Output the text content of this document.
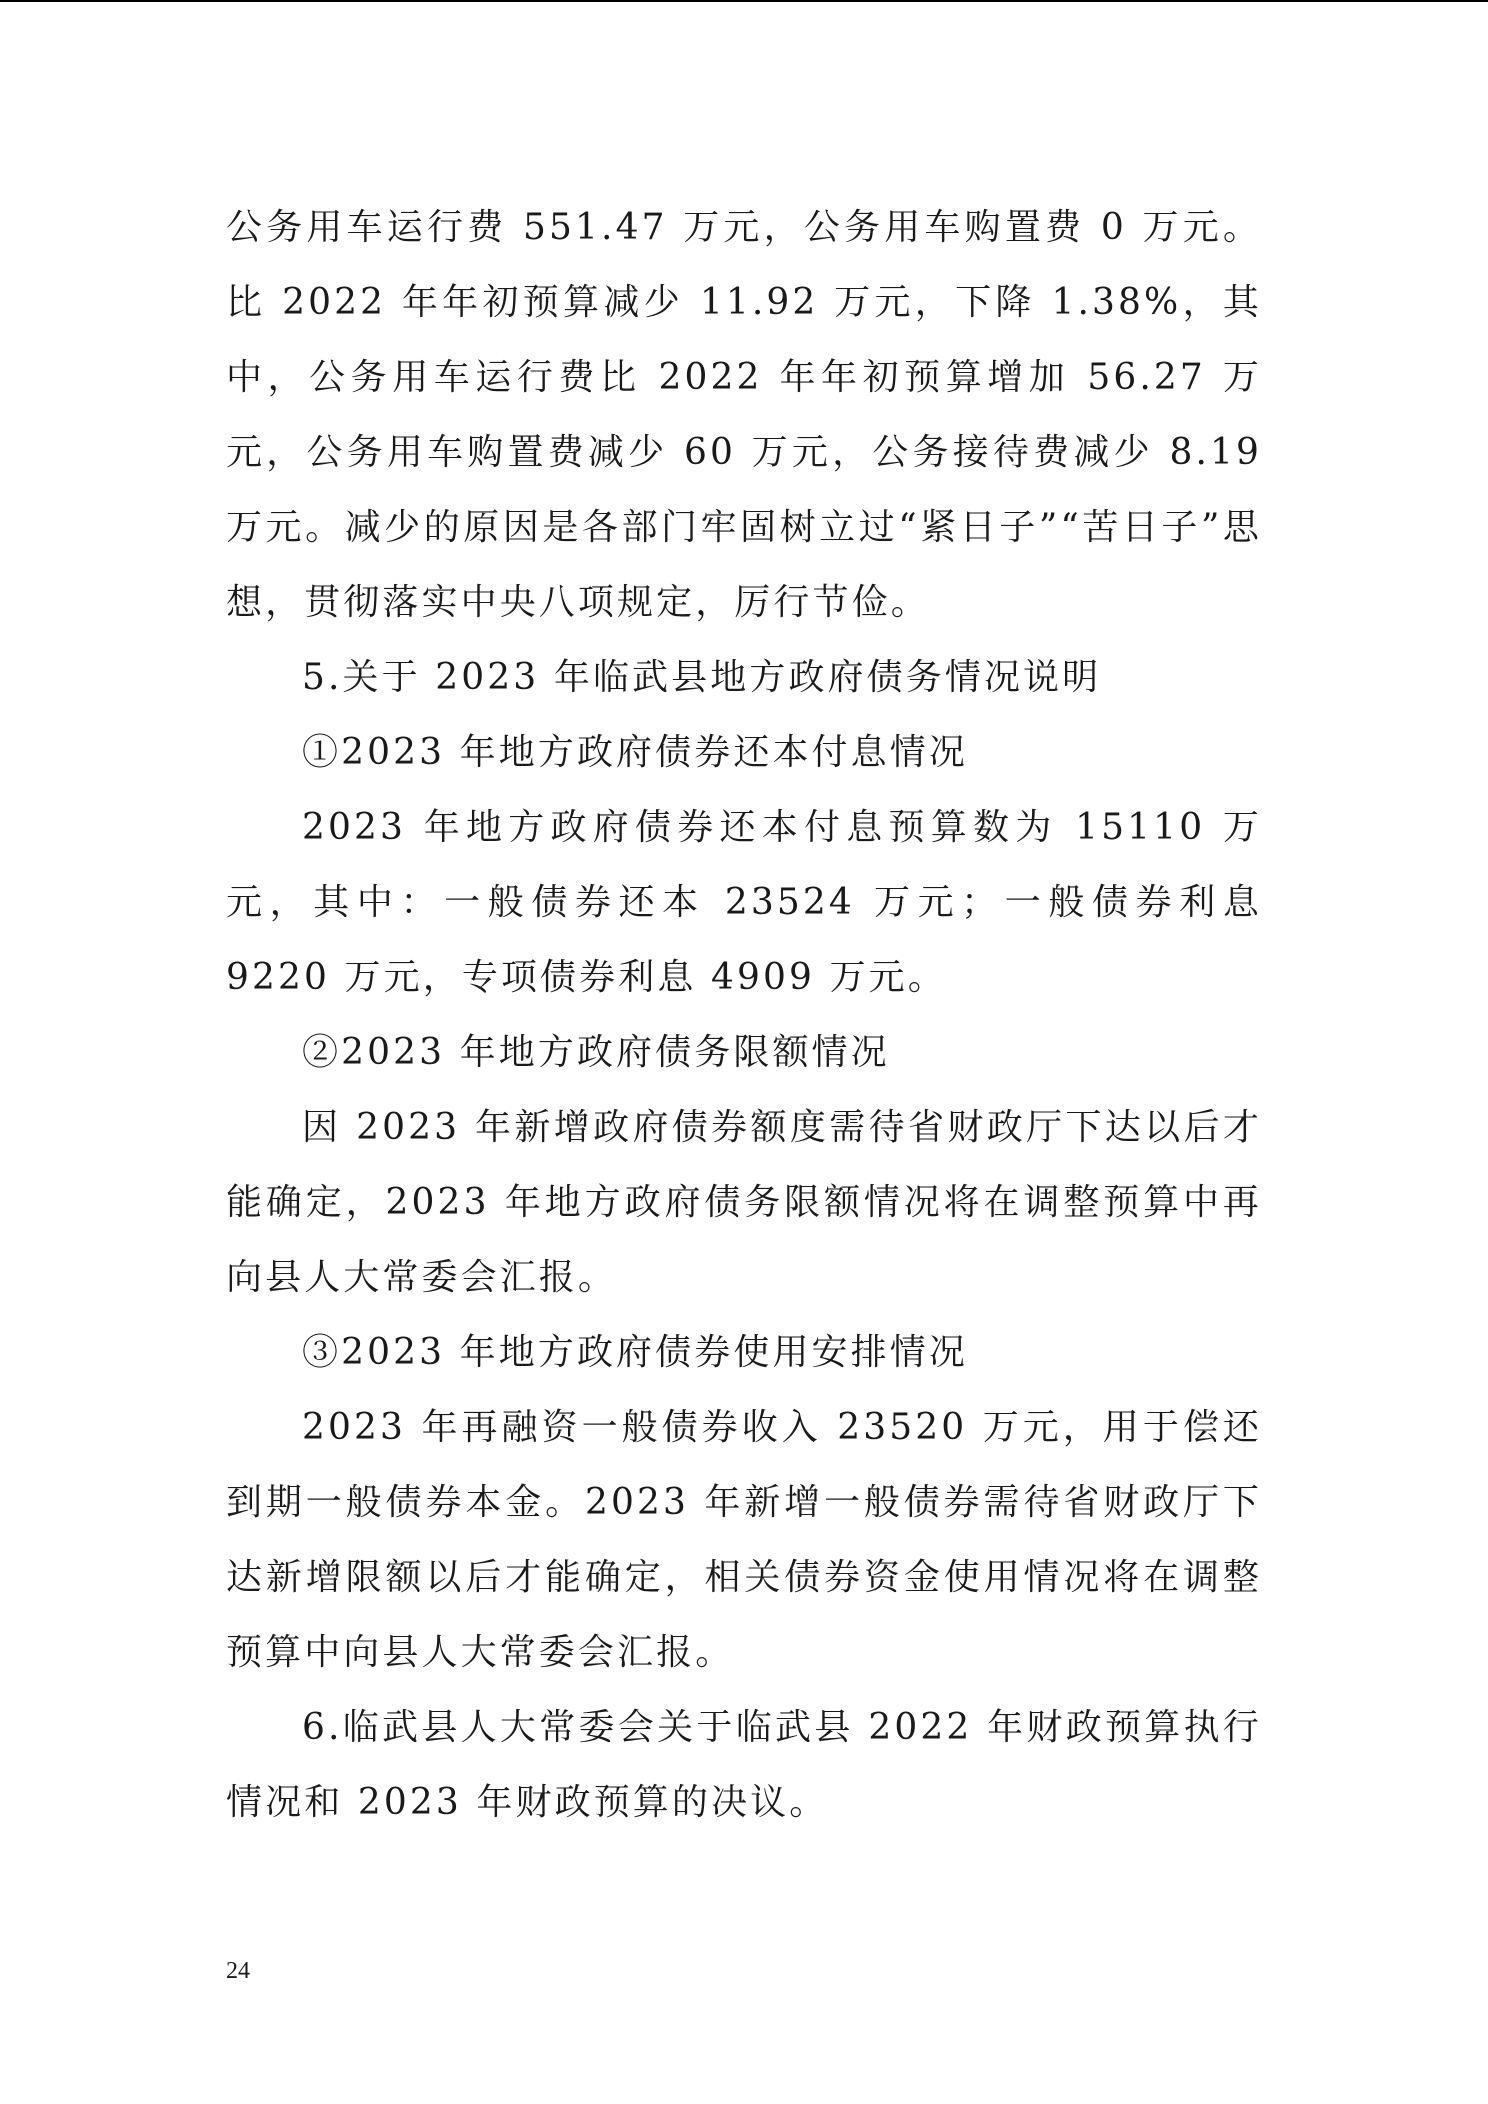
公务用车运行费 551.47 万元，公务用车购置费 0 万元。比 2022 年年初预算减少 11.92 万元，下降 1.38%，其中，公务用车运行费比 2022 年年初预算增加 56.27 万元，公务用车购置费减少 60 万元，公务接待费减少 8.19 万元。减少的原因是各部门牢固树立过“紧日子”“苦日子”思想，贯彻落实中央八项规定，厉行节俭。

5.关于 2023 年临武县地方政府债务情况说明

①2023 年地方政府债券还本付息情况

2023 年地方政府债券还本付息预算数为 15110 万元，其中：一般债券还本 23524 万元；一般债券利息 9220 万元，专项债券利息 4909 万元。

②2023 年地方政府债务限额情况

因 2023 年新增政府债券额度需待省财政厅下达以后才能确定，2023 年地方政府债务限额情况将在调整预算中再向县人大常委会汇报。

③2023 年地方政府债券使用安排情况

2023 年再融资一般债券收入 23520 万元，用于偿还到期一般债券本金。2023 年新增一般债券需待省财政厅下达新增限额以后才能确定，相关债券资金使用情况将在调整预算中向县人大常委会汇报。

6.临武县人大常委会关于临武县 2022 年财政预算执行情况和 2023 年财政预算的决议。

24
